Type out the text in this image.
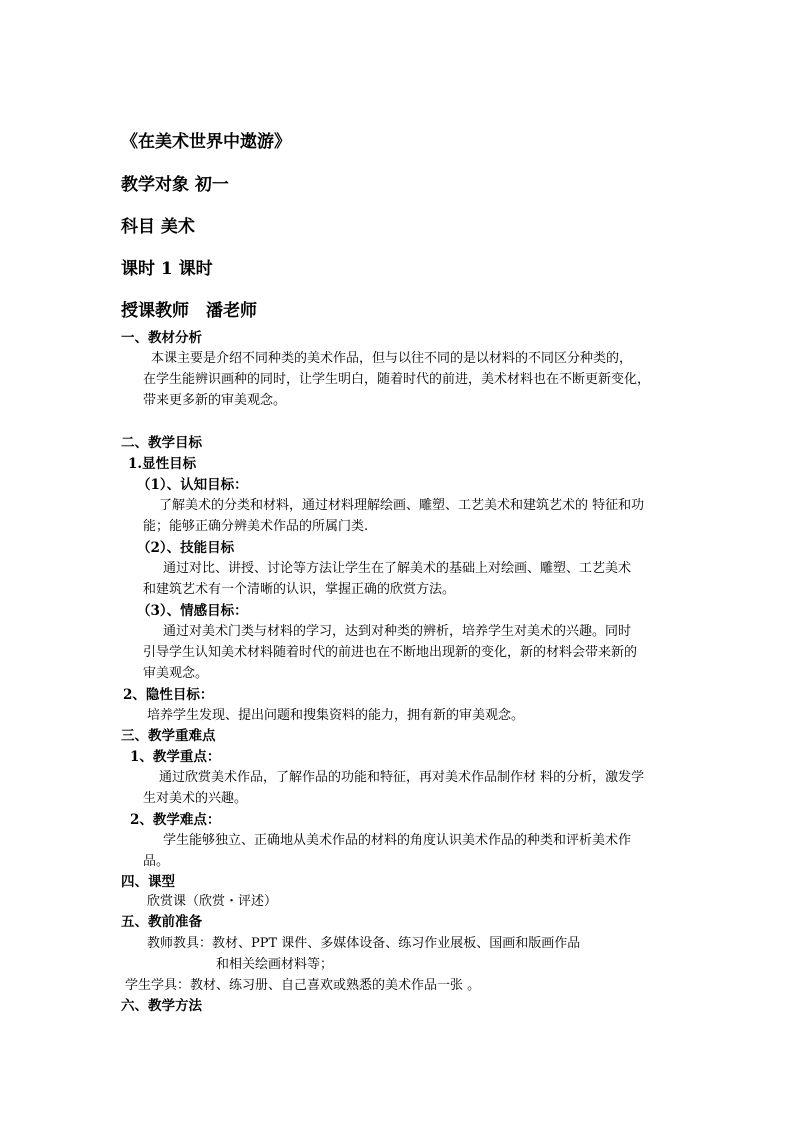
《在美术世界中遨游》
教学对象 初一
科目 美术
课时 1 课时
授课教师　潘老师
一、教材分析
本课主要是介绍不同种类的美术作品，但与以往不同的是以材料的不同区分种类的，
在学生能辨识画种的同时，让学生明白，随着时代的前进，美术材料也在不断更新变化，
带来更多新的审美观念。
二、教学目标
1.显性目标
（1）、认知目标：
了解美术的分类和材料，通过材料理解绘画、雕塑、工艺美术和建筑艺术的 特征和功
能；能够正确分辨美术作品的所属门类.
（2）、技能目标
通过对比、讲授、讨论等方法让学生在了解美术的基础上对绘画、雕塑、工艺美术
和建筑艺术有一个清晰的认识，掌握正确的欣赏方法。
（3）、情感目标：
通过对美术门类与材料的学习，达到对种类的辨析，培养学生对美术的兴趣。同时
引导学生认知美术材料随着时代的前进也在不断地出现新的变化，新的材料会带来新的
审美观念。
2、隐性目标：
培养学生发现、提出问题和搜集资料的能力，拥有新的审美观念。
三、教学重难点
1、教学重点：
通过欣赏美术作品，了解作品的功能和特征，再对美术作品制作材 料的分析，激发学
生对美术的兴趣。
2、教学难点：
学生能够独立、正确地从美术作品的材料的角度认识美术作品的种类和评析美术作
品。
四、课型
欣赏课（欣赏・评述）
五、教前准备
教师教具：教材、PPT 课件、多媒体设备、练习作业展板、国画和版画作品
和相关绘画材料等；
学生学具：教材、练习册、自己喜欢或熟悉的美术作品一张 。
六、教学方法
